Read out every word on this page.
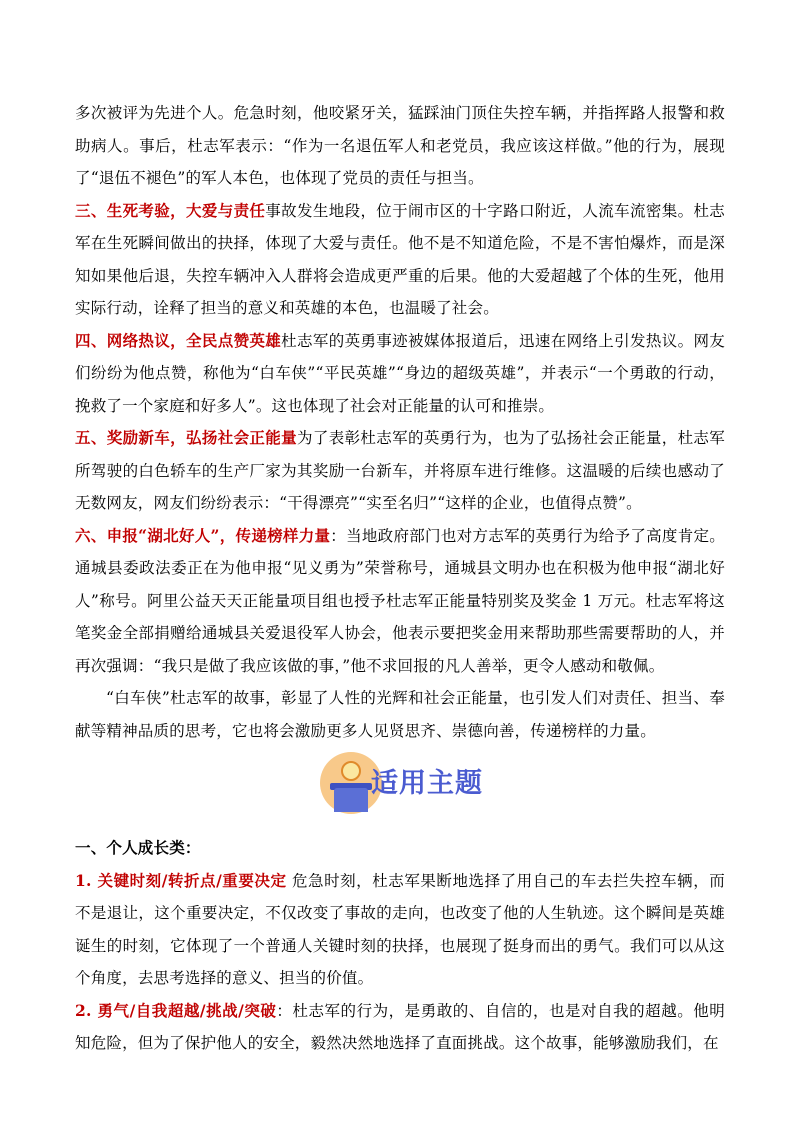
多次被评为先进个人。危急时刻，他咬紧牙关，猛踩油门顶住失控车辆，并指挥路人报警和救助病人。事后，杜志军表示：“作为一名退伍军人和老党员，我应该这样做。”他的行为，展现了“退伍不褪色”的军人本色，也体现了党员的责任与担当。

三、生死考验，大爱与责任事故发生地段，位于闹市区的十字路口附近，人流车流密集。杜志军在生死瞬间做出的抉择，体现了大爱与责任。他不是不知道危险，不是不害怕爆炸，而是深知如果他后退，失控车辆冲入人群将会造成更严重的后果。他的大爱超越了个体的生死，他用实际行动，诠释了担当的意义和英雄的本色，也温暖了社会。

四、网络热议，全民点赞英雄杜志军的英勇事迹被媒体报道后，迅速在网络上引发热议。网友们纷纷为他点赞，称他为“白车侠”“平民英雄”“身边的超级英雄”，并表示“一个勇敢的行动，挽救了一个家庭和好多人”。这也体现了社会对正能量的认可和推崇。

五、奖励新车，弘扬社会正能量为了表彰杜志军的英勇行为，也为了弘扬社会正能量，杜志军所驾驶的白色轿车的生产厂家为其奖励一台新车，并将原车进行维修。这温暖的后续也感动了无数网友，网友们纷纷表示：“干得漂亮”“实至名归”“这样的企业，也值得点赞”。

六、申报“湖北好人”，传递榜样力量：当地政府部门也对方志军的英勇行为给予了高度肯定。通城县委政法委正在为他申报“见义勇为”荣誉称号，通城县文明办也在积极为他申报“湖北好人”称号。阿里公益天天正能量项目组也授予杜志军正能量特别奖及奖金 1 万元。杜志军将这笔奖金全部捐赠给通城县关爱退役军人协会，他表示要把奖金用来帮助那些需要帮助的人，并再次强调：“我只是做了我应该做的事，”他不求回报的凡人善举，更令人感动和敬佩。

“白车侠”杜志军的故事，彰显了人性的光辉和社会正能量，也引发人们对责任、担当、奉献等精神品质的思考，它也将会激励更多人见贤思齐、崇德向善，传递榜样的力量。

适用主题

一、个人成长类：

1. 关键时刻/转折点/重要决定 危急时刻，杜志军果断地选择了用自己的车去拦失控车辆，而不是退让，这个重要决定，不仅改变了事故的走向，也改变了他的人生轨迹。这个瞬间是英雄诞生的时刻，它体现了一个普通人关键时刻的抉择，也展现了挺身而出的勇气。我们可以从这个角度，去思考选择的意义、担当的价值。

2. 勇气/自我超越/挑战/突破：杜志军的行为，是勇敢的、自信的，也是对自我的超越。他明知危险，但为了保护他人的安全，毅然决然地选择了直面挑战。这个故事，能够激励我们，在
